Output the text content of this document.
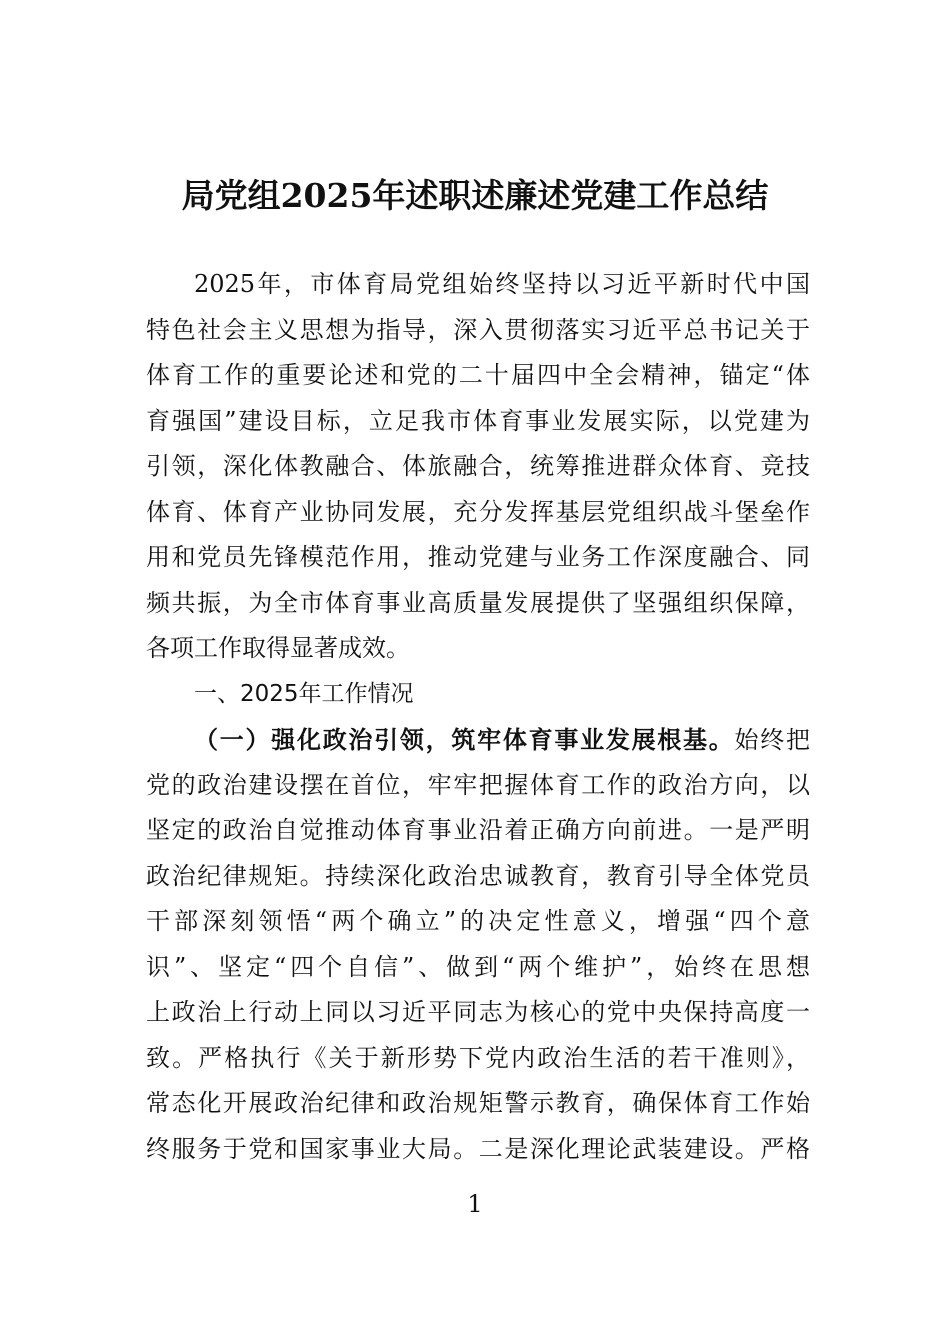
局党组2025年述职述廉述党建工作总结
2025年，市体育局党组始终坚持以习近平新时代中国
特色社会主义思想为指导，深入贯彻落实习近平总书记关于
体育工作的重要论述和党的二十届四中全会精神，锚定“体
育强国”建设目标，立足我市体育事业发展实际，以党建为
引领，深化体教融合、体旅融合，统筹推进群众体育、竞技
体育、体育产业协同发展，充分发挥基层党组织战斗堡垒作
用和党员先锋模范作用，推动党建与业务工作深度融合、同
频共振，为全市体育事业高质量发展提供了坚强组织保障，
各项工作取得显著成效。
一、2025年工作情况
（一）强化政治引领，筑牢体育事业发展根基。始终把
党的政治建设摆在首位，牢牢把握体育工作的政治方向，以
坚定的政治自觉推动体育事业沿着正确方向前进。一是严明
政治纪律规矩。持续深化政治忠诚教育，教育引导全体党员
干部深刻领悟“两个确立”的决定性意义，增强“四个意
识”、坚定“四个自信”、做到“两个维护”，始终在思想
上政治上行动上同以习近平同志为核心的党中央保持高度一
致。严格执行《关于新形势下党内政治生活的若干准则》，
常态化开展政治纪律和政治规矩警示教育，确保体育工作始
终服务于党和国家事业大局。二是深化理论武装建设。严格
1
